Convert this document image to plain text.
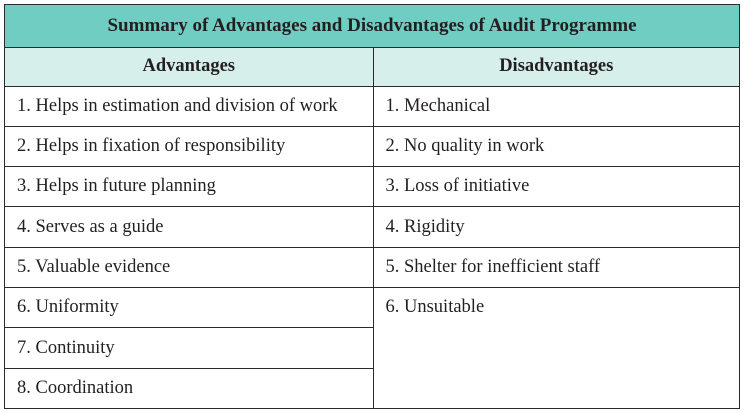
Summary of Advantages and Disadvantages of Audit Programme	
Advantages	Disadvantages
1. Helps in estimation and division of work	1. Mechanical
2. Helps in fixation of responsibility	2. No quality in work
3. Helps in future planning	3. Loss of initiative
4. Serves as a guide	4. Rigidity
5. Valuable evidence	5. Shelter for inefficient staff
6. Uniformity	6. Unsuitable
7. Continuity	
8. Coordination	
